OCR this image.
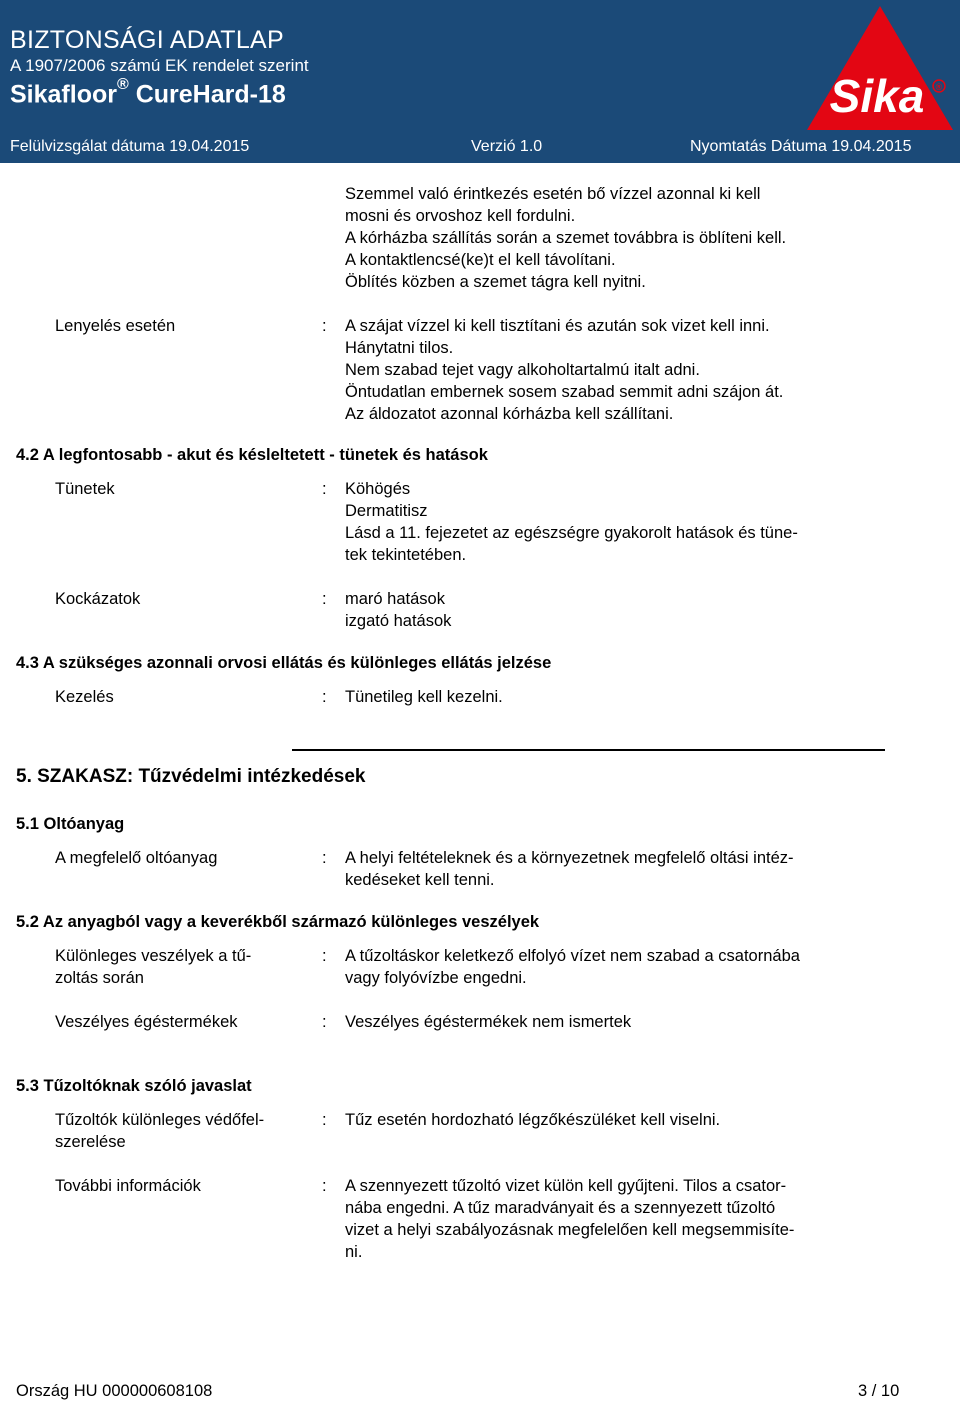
BIZTONSÁGI ADATLAP
A 1907/2006 számú EK rendelet szerint
Sikafloor® CureHard-18
Felülvizsgálat dátuma 19.04.2015	Verzió 1.0	Nyomtatás Dátuma 19.04.2015
Sika ®
Szemmel való érintkezés esetén bő vízzel azonnal ki kell
mosni és orvoshoz kell fordulni.
A kórházba szállítás során a szemet továbbra is öblíteni kell.
A kontaktlencsé(ke)t el kell távolítani.
Öblítés közben a szemet tágra kell nyitni.
Lenyelés esetén	: A szájat vízzel ki kell tisztítani és azután sok vizet kell inni.
Hánytatni tilos.
Nem szabad tejet vagy alkoholtartalmú italt adni.
Öntudatlan embernek sosem szabad semmit adni szájon át.
Az áldozatot azonnal kórházba kell szállítani.
4.2 A legfontosabb - akut és késleltetett - tünetek és hatások
Tünetek	: Köhögés
Dermatitisz
Lásd a 11. fejezetet az egészségre gyakorolt hatások és tüne-
tek tekintetében.
Kockázatok	: maró hatások
izgató hatások
4.3 A szükséges azonnali orvosi ellátás és különleges ellátás jelzése
Kezelés	: Tünetileg kell kezelni.
5. SZAKASZ: Tűzvédelmi intézkedések
5.1 Oltóanyag
A megfelelő oltóanyag	: A helyi feltételeknek és a környezetnek megfelelő oltási intéz-
kedéseket kell tenni.
5.2 Az anyagból vagy a keverékből származó különleges veszélyek
Különleges veszélyek a tű-
zoltás során
: A tűzoltáskor keletkező elfolyó vízet nem szabad a csatornába
vagy folyóvízbe engedni.
Veszélyes égéstermékek	: Veszélyes égéstermékek nem ismertek
5.3 Tűzoltóknak szóló javaslat
Tűzoltók különleges védőfel-
szerelése
: Tűz esetén hordozható légzőkészüléket kell viselni.
További információk	: A szennyezett tűzoltó vizet külön kell gyűjteni. Tilos a csator-
nába engedni. A tűz maradványait és a szennyezett tűzoltó
vizet a helyi szabályozásnak megfelelően kell megsemmisíte-
ni.
Ország HU 000000608108	3 / 10
